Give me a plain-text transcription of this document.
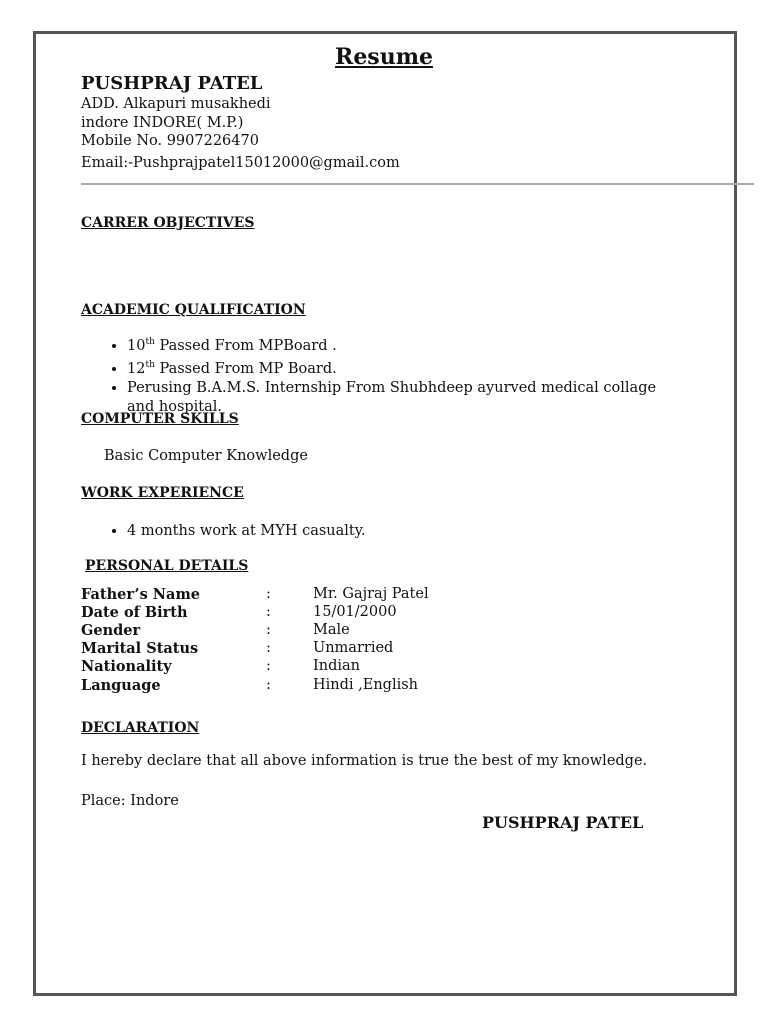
Resume
PUSHPRAJ PATEL
ADD. Alkapuri musakhedi
indore INDORE( M.P.)
Mobile No. 9907226470
Email:-Pushprajpatel15012000@gmail.com
CARRER OBJECTIVES
ACADEMIC QUALIFICATION
• 10th Passed From MPBoard .
• 12th Passed From MP Board.
• Perusing B.A.M.S. Internship From Shubhdeep ayurved medical collage and hospital.
COMPUTER SKILLS
Basic Computer Knowledge
WORK EXPERIENCE
• 4 months work at MYH casualty.
PERSONAL DETAILS
Father’s Name	:	Mr. Gajraj Patel
Date of Birth	:	15/01/2000
Gender	:	Male
Marital Status	:	Unmarried
Nationality	:	Indian
Language	:	Hindi ,English
DECLARATION
I hereby declare that all above information is true the best of my knowledge.
Place: Indore
PUSHPRAJ PATEL
